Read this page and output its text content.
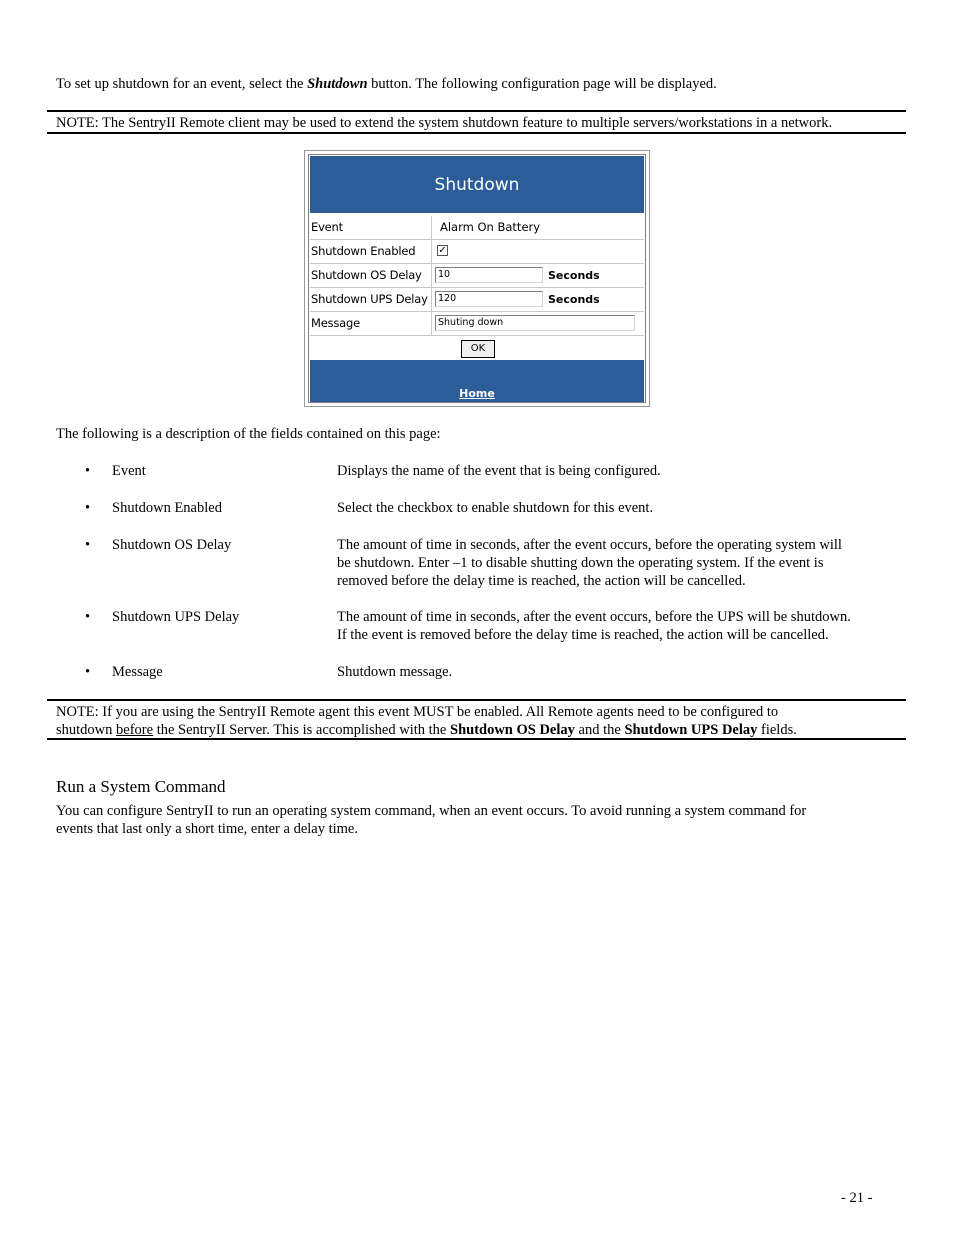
To set up shutdown for an event, select the Shutdown button. The following configuration page will be displayed.
NOTE: The SentryII Remote client may be used to extend the system shutdown feature to multiple servers/workstations in a network.
Shutdown
Event	Alarm On Battery
Shutdown Enabled	✓
Shutdown OS Delay	10	Seconds
Shutdown UPS Delay	120	Seconds
Message	Shuting down
OK
Home
The following is a description of the fields contained on this page:
• Event	Displays the name of the event that is being configured.
• Shutdown Enabled	Select the checkbox to enable shutdown for this event.
• Shutdown OS Delay	The amount of time in seconds, after the event occurs, before the operating system will
be shutdown. Enter –1 to disable shutting down the operating system. If the event is
removed before the delay time is reached, the action will be cancelled.
• Shutdown UPS Delay	The amount of time in seconds, after the event occurs, before the UPS will be shutdown.
If the event is removed before the delay time is reached, the action will be cancelled.
• Message	Shutdown message.
NOTE: If you are using the SentryII Remote agent this event MUST be enabled. All Remote agents need to be configured to
shutdown before the SentryII Server. This is accomplished with the Shutdown OS Delay and the Shutdown UPS Delay fields.
Run a System Command
You can configure SentryII to run an operating system command, when an event occurs. To avoid running a system command for
events that last only a short time, enter a delay time.
- 21 -
